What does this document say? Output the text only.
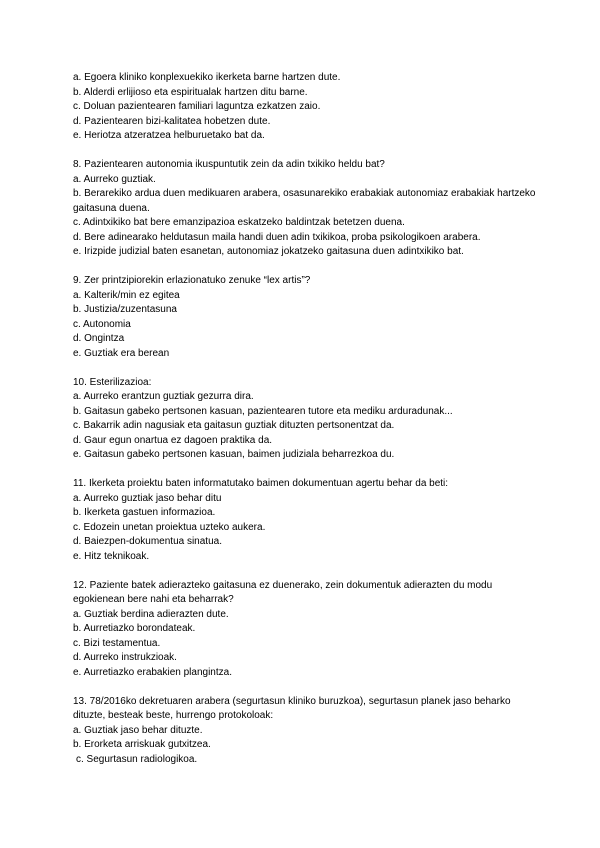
a. Egoera kliniko konplexuekiko ikerketa barne hartzen dute.
b. Alderdi erlijioso eta espiritualak hartzen ditu barne.
c. Doluan pazientearen familiari laguntza ezkatzen zaio.
d. Pazientearen bizi-kalitatea hobetzen dute.
e. Heriotza atzeratzea helburuetako bat da.
8. Pazientearen autonomia ikuspuntutik zein da adin txikiko heldu bat?
a. Aurreko guztiak.
b. Berarekiko ardua duen medikuaren arabera, osasunarekiko erabakiak autonomiaz erabakiak hartzeko gaitasuna duena.
c. Adintxikiko bat bere emanzipazioa eskatzeko baldintzak betetzen duena.
d. Bere adinearako heldutasun maila handi duen adin txikikoa, proba psikologikoen arabera.
e. Irizpide judizial baten esanetan, autonomiaz jokatzeko gaitasuna duen adintxikiko bat.
9. Zer printzipiorekin erlazionatuko zenuke “lex artis”?
a. Kalterik/min ez egitea
b. Justizia/zuzentasuna
c. Autonomia
d. Ongintza
e. Guztiak era berean
10. Esterilizazioa:
a. Aurreko erantzun guztiak gezurra dira.
b. Gaitasun gabeko pertsonen kasuan, pazientearen tutore eta mediku arduradunak...
c. Bakarrik adin nagusiak eta gaitasun guztiak dituzten pertsonentzat da.
d. Gaur egun onartua ez dagoen praktika da.
e. Gaitasun gabeko pertsonen kasuan, baimen judiziala beharrezkoa du.
11. Ikerketa proiektu baten informatutako baimen dokumentuan agertu behar da beti:
a. Aurreko guztiak jaso behar ditu
b. Ikerketa gastuen informazioa.
c. Edozein unetan proiektua uzteko aukera.
d. Baiezpen-dokumentua sinatua.
e. Hitz teknikoak.
12. Paziente batek adierazteko gaitasuna ez duenerako, zein dokumentuk adierazten du modu egokienean bere nahi eta beharrak?
a. Guztiak berdina adierazten dute.
b. Aurretiazko borondateak.
c. Bizi testamentua.
d. Aurreko instrukzioak.
e. Aurretiazko erabakien plangintza.
13. 78/2016ko dekretuaren arabera (segurtasun kliniko buruzkoa), segurtasun planek jaso beharko dituzte, besteak beste, hurrengo protokoloak:
a. Guztiak jaso behar dituzte.
b. Erorketa arriskuak gutxitzea.
c. Segurtasun radiologikoa.
